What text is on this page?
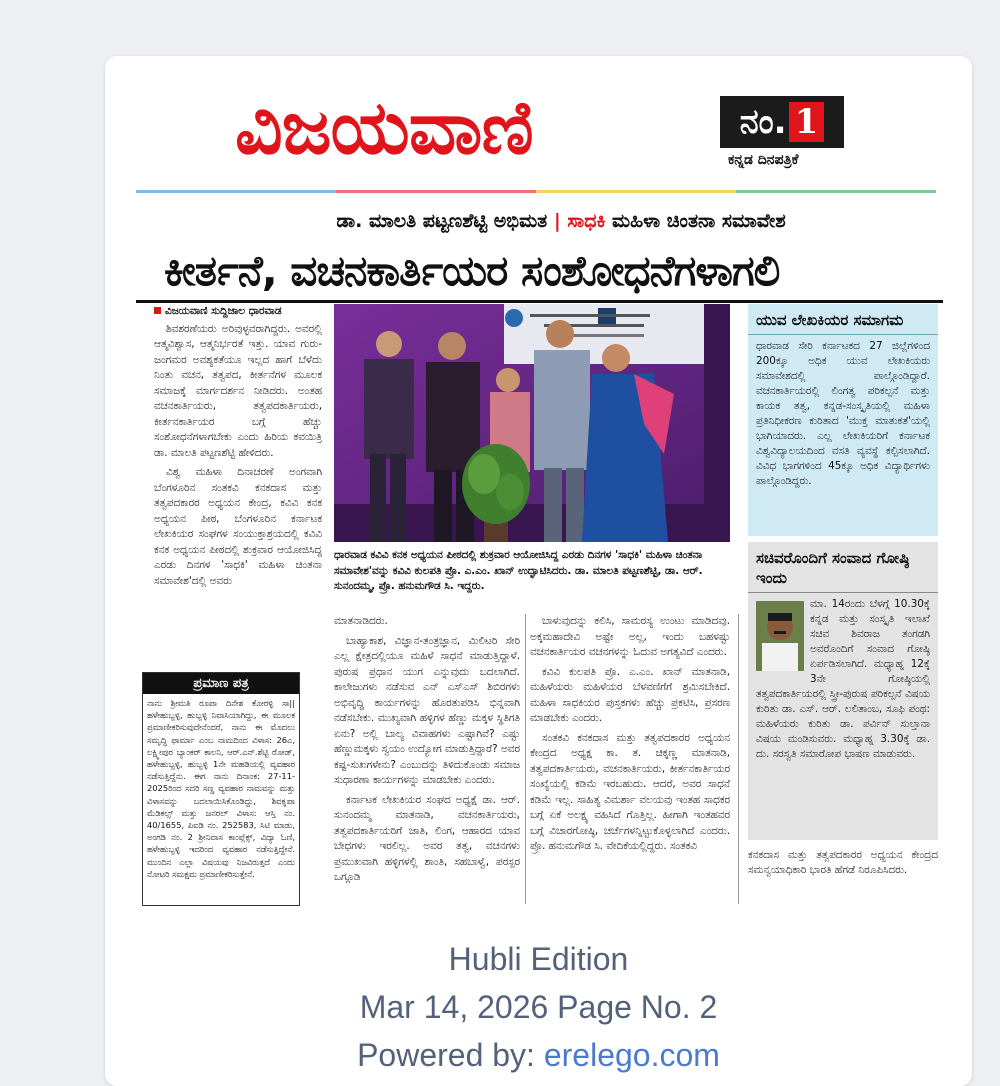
ವಿಜಯವಾಣಿ	ನಂ. 1
ಕನ್ನಡ ದಿನಪತ್ರಿಕೆ
ಡಾ. ಮಾಲತಿ ಪಟ್ಟಣಶೆಟ್ಟಿ ಅಭಿಮತ | ಸಾಧಕಿ ಮಹಿಳಾ ಚಿಂತನಾ ಸಮಾವೇಶ
ಕೀರ್ತನೆ, ವಚನಕಾರ್ತಿಯರ ಸಂಶೋಧನೆಗಳಾಗಲಿ
ವಿಜಯವಾಣಿ ಸುದ್ದಿಜಾಲ ಧಾರವಾಡ

ಶಿವಶರಣೆಯರು ಅರಿವುಳ್ಳವರಾಗಿದ್ದರು. ಅವರಲ್ಲಿ ಆತ್ಮವಿಶ್ವಾಸ, ಆತ್ಮನಿರ್ಭರತೆ ಇತ್ತು. ಯಾವ ಗುರು-ಜಂಗಮರ ಅವಶ್ಯಕತೆಯೂ ಇಲ್ಲದ ಹಾಗೆ ಬೆಳೆದು ನಿಂತು ವಚನ, ತತ್ವಪದ, ಕೀರ್ತನೆಗಳ ಮೂಲಕ ಸಮಾಜಕ್ಕೆ ಮಾರ್ಗದರ್ಶನ ನೀಡಿದರು. ಅಂತಹ ವಚನಕಾರ್ತಿಯರು, ತತ್ವಪದಕಾರ್ತಿಯರು, ಕೀರ್ತನಕಾರ್ತಿಯರ ಬಗ್ಗೆ ಹೆಚ್ಚು ಸಂಶೋಧನೆಗಳಾಗಬೇಕು ಎಂದು ಹಿರಿಯ ಕವಯಿತ್ರಿ ಡಾ. ಮಾಲತಿ ಪಟ್ಟಣಶೆಟ್ಟಿ ಹೇಳಿದರು.

ವಿಶ್ವ ಮಹಿಳಾ ದಿನಾಚರಣೆ ಅಂಗವಾಗಿ ಬೆಂಗಳೂರಿನ ಸಂತಕವಿ ಕನಕದಾಸ ಮತ್ತು ತತ್ವಪದಕಾರರ ಅಧ್ಯಯನ ಕೇಂದ್ರ, ಕವಿವಿ ಕನಕ ಅಧ್ಯಯನ ಪೀಠ, ಬೆಂಗಳೂರಿನ ಕರ್ನಾಟಕ ಲೇಖಕಿಯರ ಸಂಘಗಳ ಸಂಯುಕ್ತಾಶ್ರಯದಲ್ಲಿ ಕವಿವಿ ಕನಕ ಅಧ್ಯಯನ ಪೀಠದಲ್ಲಿ ಶುಕ್ರವಾರ ಆಯೋಜಿಸಿದ್ದ ಎರಡು ದಿನಗಳ 'ಸಾಧಕಿ' ಮಹಿಳಾ ಚಿಂತನಾ ಸಮಾವೇಶ'ದಲ್ಲಿ ಅವರು

ಪ್ರಮಾಣ ಪತ್ರ
ನಾನು ಶ್ರೀಮತಿ ರೂಪಾ ದಿನೇಶ ಕೋರಳ್ಳಿ ಸಾ|| ಹಳೇಹುಬ್ಬಳ್ಳಿ, ಹುಬ್ಬಳ್ಳಿ ನಿವಾಸಿಯಾಗಿದ್ದು, ಈ ಮೂಲಕ ಪ್ರಮಾಣೀಕರಿಸುವುದೇನೆಂದರೆ, ನಾನು ಈ ಮೊದಲು ಸಮೃದ್ಧಿ ಫಾರ್ಮಾ ಎಂಬ ನಾಮದಿಂದ ವಿಳಾಸ: 26ಎ, ಲಕ್ಷ್ಮೀಪುರ ಬ್ಯಾಂಕರ್ ಕಾಲನಿ, ಆರ್.ಎನ್.ಶೆಟ್ಟಿ ರೋಡ್, ಹಳೇಹುಬ್ಬಳ್ಳಿ, ಹುಬ್ಬಳ್ಳಿ 1ನೇ ಮಹಡಿಯಲ್ಲಿ ವ್ಯವಹಾರ ನಡೆಸುತ್ತಿದ್ದೆನು. ಈಗ ನಾನು ದಿನಾಂಕ: 27-11-2025ರಿಂದ ಸದರಿ ಸಣ್ಣ ವ್ಯವಹಾರ ನಾಮವನ್ನು ಮತ್ತು ವಿಳಾಸವನ್ನು ಬದಲಾಯಿಸಿಕೊಂಡಿದ್ದು, ಶಿವಕೃಪಾ ಮೆಡಿಕಲ್ಸ್ ಮತ್ತು ಜನರಲ್ ವಿಳಾಸ: ಆಸ್ತಿ ನಂ. 40/1655, ಪಿಐಡಿ ನಂ. 252583, ಸಿಟಿ ಮಾಡು, ಅಂಗಡಿ ನಂ. 2 ಶ್ರೀನಿವಾಸ ಕಾಂಪ್ಲೆಕ್ಸ್, ವಿದ್ಯಾ ಓಣಿ, ಹಳೇಹುಬ್ಬಳ್ಳಿ ಇದರಿಂದ ವ್ಯವಹಾರ ನಡೆಸುತ್ತಿದ್ದೇನೆ. ಮುಂದಿನ ಎಲ್ಲಾ ವಿಷಯವು ನಿಜವಿರುತ್ತದೆ ಎಂದು ನೋಟರಿ ಸಮಕ್ಷಮ ಪ್ರಮಾಣೀಕರಿಸುತ್ತೇನೆ.
ಧಾರವಾಡ ಕವಿವಿ ಕನಕ ಅಧ್ಯಯನ ಪೀಠದಲ್ಲಿ ಶುಕ್ರವಾರ ಆಯೋಜಿಸಿದ್ದ ಎರಡು ದಿನಗಳ 'ಸಾಧಕಿ' ಮಹಿಳಾ ಚಿಂತನಾ ಸಮಾವೇಶ'ವನ್ನು ಕವಿವಿ ಕುಲಪತಿ ಪ್ರೊ. ಎ.ಎಂ. ಖಾನ್ ಉದ್ಘಾಟಿಸಿದರು. ಡಾ. ಮಾಲತಿ ಪಟ್ಟಣಶೆಟ್ಟಿ, ಡಾ. ಆರ್. ಸುನಂದಮ್ಮ, ಪ್ರೊ. ಹನುಮಗೌಡ ಸಿ. ಇದ್ದರು.
ಮಾತನಾಡಿದರು.

ಬಾಹ್ಯಾಕಾಶ, ವಿಜ್ಞಾನ-ತಂತ್ರಜ್ಞಾನ, ಮಿಲಿಟರಿ ಸೇರಿ ಎಲ್ಲ ಕ್ಷೇತ್ರದಲ್ಲಿಯೂ ಮಹಿಳೆ ಸಾಧನೆ ಮಾಡುತ್ತಿದ್ದಾಳೆ. ಪುರುಷ ಪ್ರಧಾನ ಯುಗ ಎನ್ನುವುದು ಬದಲಾಗಿದೆ. ಕಾಲೇಜುಗಳು ನಡೆಸುವ ಎನ್ ಎಸ್‌ಎಸ್ ಶಿಬಿರಗಳು ಅಭಿವೃದ್ಧಿ ಕಾರ್ಯಗಳನ್ನು ಹೊರತುಪಡಿಸಿ ಭಿನ್ನವಾಗಿ ನಡೆಸಬೇಕು. ಮುಖ್ಯವಾಗಿ ಹಳ್ಳಿಗಳ ಹೆಣ್ಣು ಮಕ್ಕಳ ಸ್ಥಿತಿಗತಿ ಏನು? ಅಲ್ಲಿ ಬಾಲ್ಯ ವಿವಾಹಗಳು ಎಷ್ಟಾಗಿವೆ? ಎಷ್ಟು ಹೆಣ್ಣುಮಕ್ಕಳು ಸ್ವಯಂ ಉದ್ಯೋಗ ಮಾಡುತ್ತಿದ್ದಾರೆ? ಅವರ ಕಷ್ಟ-ಸುಖಗಳೇನು? ಎಂಬುದನ್ನು ತಿಳಿದುಕೊಂಡು ಸಮಾಜ ಸುಧಾರಣಾ ಕಾರ್ಯಗಳನ್ನು ಮಾಡಬೇಕು ಎಂದರು.

ಕರ್ನಾಟಕ ಲೇಖಕಿಯರ ಸಂಘದ ಅಧ್ಯಕ್ಷೆ ಡಾ. ಆರ್. ಸುನಂದಮ್ಮ ಮಾತನಾಡಿ, ವಚನಕಾರ್ತಿಯರು, ತತ್ವಪದಕಾರ್ತಿಯರಿಗೆ ಜಾತಿ, ಲಿಂಗ, ಆಹಾರದ ಯಾವ ಬೇಧಗಳು ಇರಲಿಲ್ಲ. ಅವರ ತತ್ವ, ವಚನಗಳು ಪ್ರಮುಖವಾಗಿ ಹಳ್ಳಿಗಳಲ್ಲಿ ಶಾಂತಿ, ಸಹಬಾಳ್ವೆ, ಪರಸ್ಪರ ಒಗ್ಗೂಡಿ

ಬಾಳುವುದನ್ನು ಕಲಿಸಿ, ಸಾಮರಸ್ಯ ಉಂಟು ಮಾಡಿದವು. ಅಕ್ಕಮಹಾದೇವಿ ಅಷ್ಟೇ ಅಲ್ಲ, ಇಂದು ಬಹಳಷ್ಟು ವಚನಕಾರ್ತಿಯರ ವಚನಗಳನ್ನು ಓದುವ ಅಗತ್ಯವಿದೆ ಎಂದರು.

ಕವಿವಿ ಕುಲಪತಿ ಪ್ರೊ. ಎ.ಎಂ. ಖಾನ್ ಮಾತನಾಡಿ, ಮಹಿಳೆಯರು ಮಹಿಳೆಯರ ಬೆಳವಣಿಗೆಗೆ ಶ್ರಮಿಸಬೇಕಿದೆ. ಮಹಿಳಾ ಸಾಧಕಿಯರ ಪುಸ್ತಕಗಳು ಹೆಚ್ಚು ಪ್ರಕಟಿಸಿ, ಪ್ರಸರಣ ಮಾಡಬೇಕು ಎಂದರು.

ಸಂತಕವಿ ಕನಕದಾಸ ಮತ್ತು ತತ್ವಪದಕಾರರ ಅಧ್ಯಯನ ಕೇಂದ್ರದ ಅಧ್ಯಕ್ಷ ಕಾ. ತ. ಚಿಕ್ಕಣ್ಣ ಮಾತನಾಡಿ, ತತ್ವಪದಕಾರ್ತಿಯರು, ವಚನಕಾರ್ತಿಯರು, ಕೀರ್ತನಕಾರ್ತಿಯರ ಸಂಖ್ಯೆಯಲ್ಲಿ ಕಡಿಮೆ ಇರಬಹುದು. ಆದರೆ, ಅವರ ಸಾಧನೆ ಕಡಿಮೆ ಇಲ್ಲ. ಸಾಹಿತ್ಯ ವಿಮರ್ಶಾ ವಲಯವು ಇಂತಹ ಸಾಧಕರ ಬಗ್ಗೆ ಏಕೆ ಅಲಕ್ಷ್ಯ ವಹಿಸಿದೆ ಗೊತ್ತಿಲ್ಲ. ಹೀಗಾಗಿ ಇಂತಹವರ ಬಗ್ಗೆ ವಿಚಾರಗೋಷ್ಠಿ, ಚರ್ಚೆಗಳನ್ನಿಟ್ಟುಕೊಳ್ಳಲಾಗಿದೆ ಎಂದರು. ಪ್ರೊ. ಹನುಮಗೌಡ ಸಿ. ವೇದಿಕೆಯಲ್ಲಿದ್ದರು. ಸಂತಕವಿ

ಯುವ ಲೇಖಕಿಯರ ಸಮಾಗಮ
ಧಾರವಾಡ ಸೇರಿ ಕರ್ನಾಟಕದ 27 ಜಿಲ್ಲೆಗಳಿಂದ 200ಕ್ಕೂ ಅಧಿಕ ಯುವ ಲೇಖಕಿಯರು ಸಮಾವೇಶದಲ್ಲಿ ಪಾಲ್ಗೊಂಡಿದ್ದಾರೆ. ವಚನಕಾರ್ತಿಯರಲ್ಲಿ ಲಿಂಗತ್ವ ಪರಿಕಲ್ಪನೆ ಮತ್ತು ಕಾಯಕ ತತ್ವ, ಕನ್ನಡ-ಸಂಸ್ಕೃತಿಯಲ್ಲಿ ಮಹಿಳಾ ಪ್ರತಿನಿಧೀಕರಣ ಕುರಿತಾದ 'ಮುಕ್ತ ಮಾತುಕತೆ'ಯಲ್ಲಿ ಭಾಗಿಯಾದರು. ಎಲ್ಲ ಲೇಖಕಿಯರಿಗೆ ಕರ್ನಾಟಕ ವಿಶ್ವವಿದ್ಯಾಲಯದಿಂದ ವಸತಿ ವ್ಯವಸ್ಥೆ ಕಲ್ಪಿಸಲಾಗಿದೆ. ವಿವಿಧ ಭಾಗಗಳಿಂದ 45ಕ್ಕೂ ಅಧಿಕ ವಿದ್ಯಾರ್ಥಿಗಳು ಪಾಲ್ಗೊಂಡಿದ್ದರು.
ಸಚಿವರೊಂದಿಗೆ ಸಂವಾದ ಗೋಷ್ಠಿ ಇಂದು
ಮಾ. 14ರಂದು ಬೆಳಗ್ಗೆ 10.30ಕ್ಕೆ ಕನ್ನಡ ಮತ್ತು ಸಂಸ್ಕೃತಿ ಇಲಾಖೆ ಸಚಿವ ಶಿವರಾಜ ತಂಗಡಗಿ ಅವರೊಂದಿಗೆ ಸಂವಾದ ಗೋಷ್ಠಿ ಏರ್ಪಡಿಸಲಾಗಿದೆ. ಮಧ್ಯಾಹ್ನ 12ಕ್ಕೆ 3ನೇ ಗೋಷ್ಠಿಯಲ್ಲಿ ತತ್ವಪದಕಾರ್ತಿಯರಲ್ಲಿ ಸ್ತ್ರೀ-ಪುರುಷ ಪರಿಕಲ್ಪನೆ ವಿಷಯ ಕುರಿತು ಡಾ. ಎಸ್. ಆರ್. ಲಲಿತಾಂಬ, ಸೂಫಿ ಪಂಥ: ಮಹಿಳೆಯರು ಕುರಿತು ಡಾ. ಪರ್ವಿನ್ ಸುಲ್ತಾನಾ ವಿಷಯ ಮಂಡಿಸುವರು. ಮಧ್ಯಾಹ್ನ 3.30ಕ್ಕೆ ಡಾ. ದು. ಸರಸ್ವತಿ ಸಮಾರೋಪ ಭಾಷಣ ಮಾಡುವರು.
ಕನಕದಾಸ ಮತ್ತು ತತ್ವಪದಕಾರರ ಅಧ್ಯಯನ ಕೇಂದ್ರದ ಸಮನ್ವಯಾಧಿಕಾರಿ ಭಾರತಿ ಹೆಗಡೆ ನಿರೂಪಿಸಿದರು.
Hubli Edition
Mar 14, 2026 Page No. 2
Powered by: erelego.com
